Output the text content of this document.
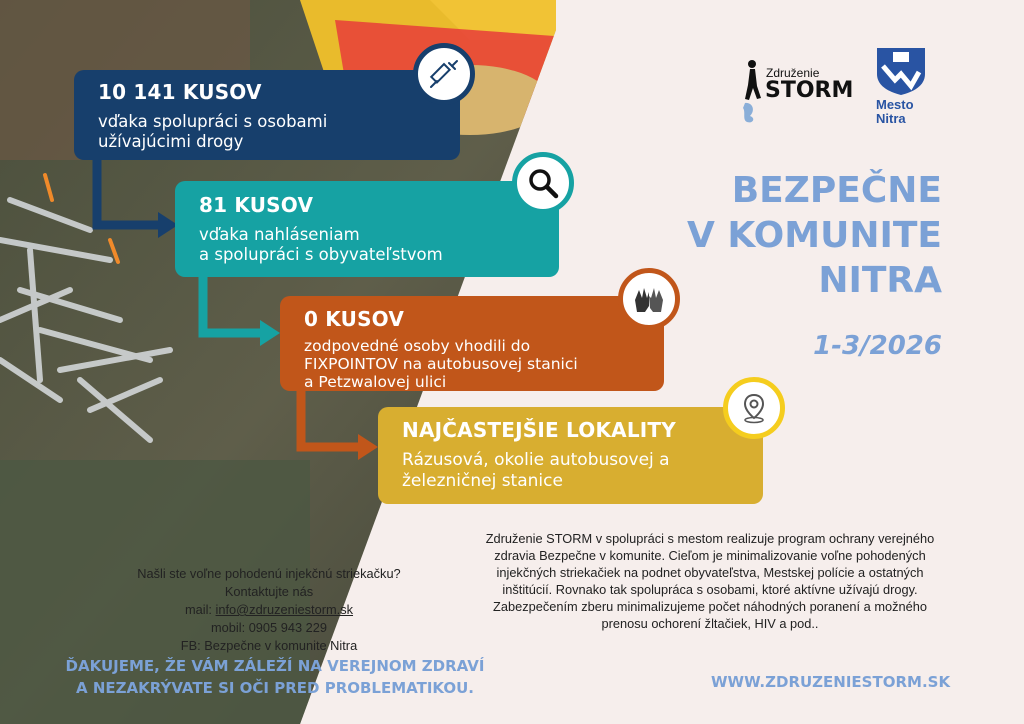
Združenie
STORM
Mesto
Nitra
10 141 KUSOV
vďaka spolupráci s osobami
užívajúcimi drogy
81 KUSOV
vďaka nahláseniam
a spolupráci s obyvateľstvom
0 KUSOV
zodpovedné osoby vhodili do
FIXPOINTOV na autobusovej stanici
a Petzwalovej ulici
NAJČASTEJŠIE LOKALITY
Rázusová, okolie autobusovej a
železničnej stanice
BEZPEČNE
V KOMUNITE
NITRA
1-3/2026
Združenie STORM v spolupráci s mestom realizuje program ochrany verejného
zdravia Bezpečne v komunite. Cieľom je minimalizovanie voľne pohodených
injekčných striekačiek na podnet obyvateľstva, Mestskej polície a ostatných
inštitúcií. Rovnako tak spolupráca s osobami, ktoré aktívne užívajú drogy.
Zabezpečením zberu minimalizujeme počet náhodných poranení a možného
prenosu ochorení žltačiek, HIV a pod..
Našli ste voľne pohodenú injekčnú striekačku?
Kontaktujte nás
mail: info@zdruzeniestorm.sk
mobil: 0905 943 229
FB: Bezpečne v komunite Nitra
ĎAKUJEME, ŽE VÁM ZÁLEŽÍ NA VEREJNOM ZDRAVÍ
A NEZAKRÝVATE SI OČI PRED PROBLEMATIKOU.	WWW.ZDRUZENIESTORM.SK
